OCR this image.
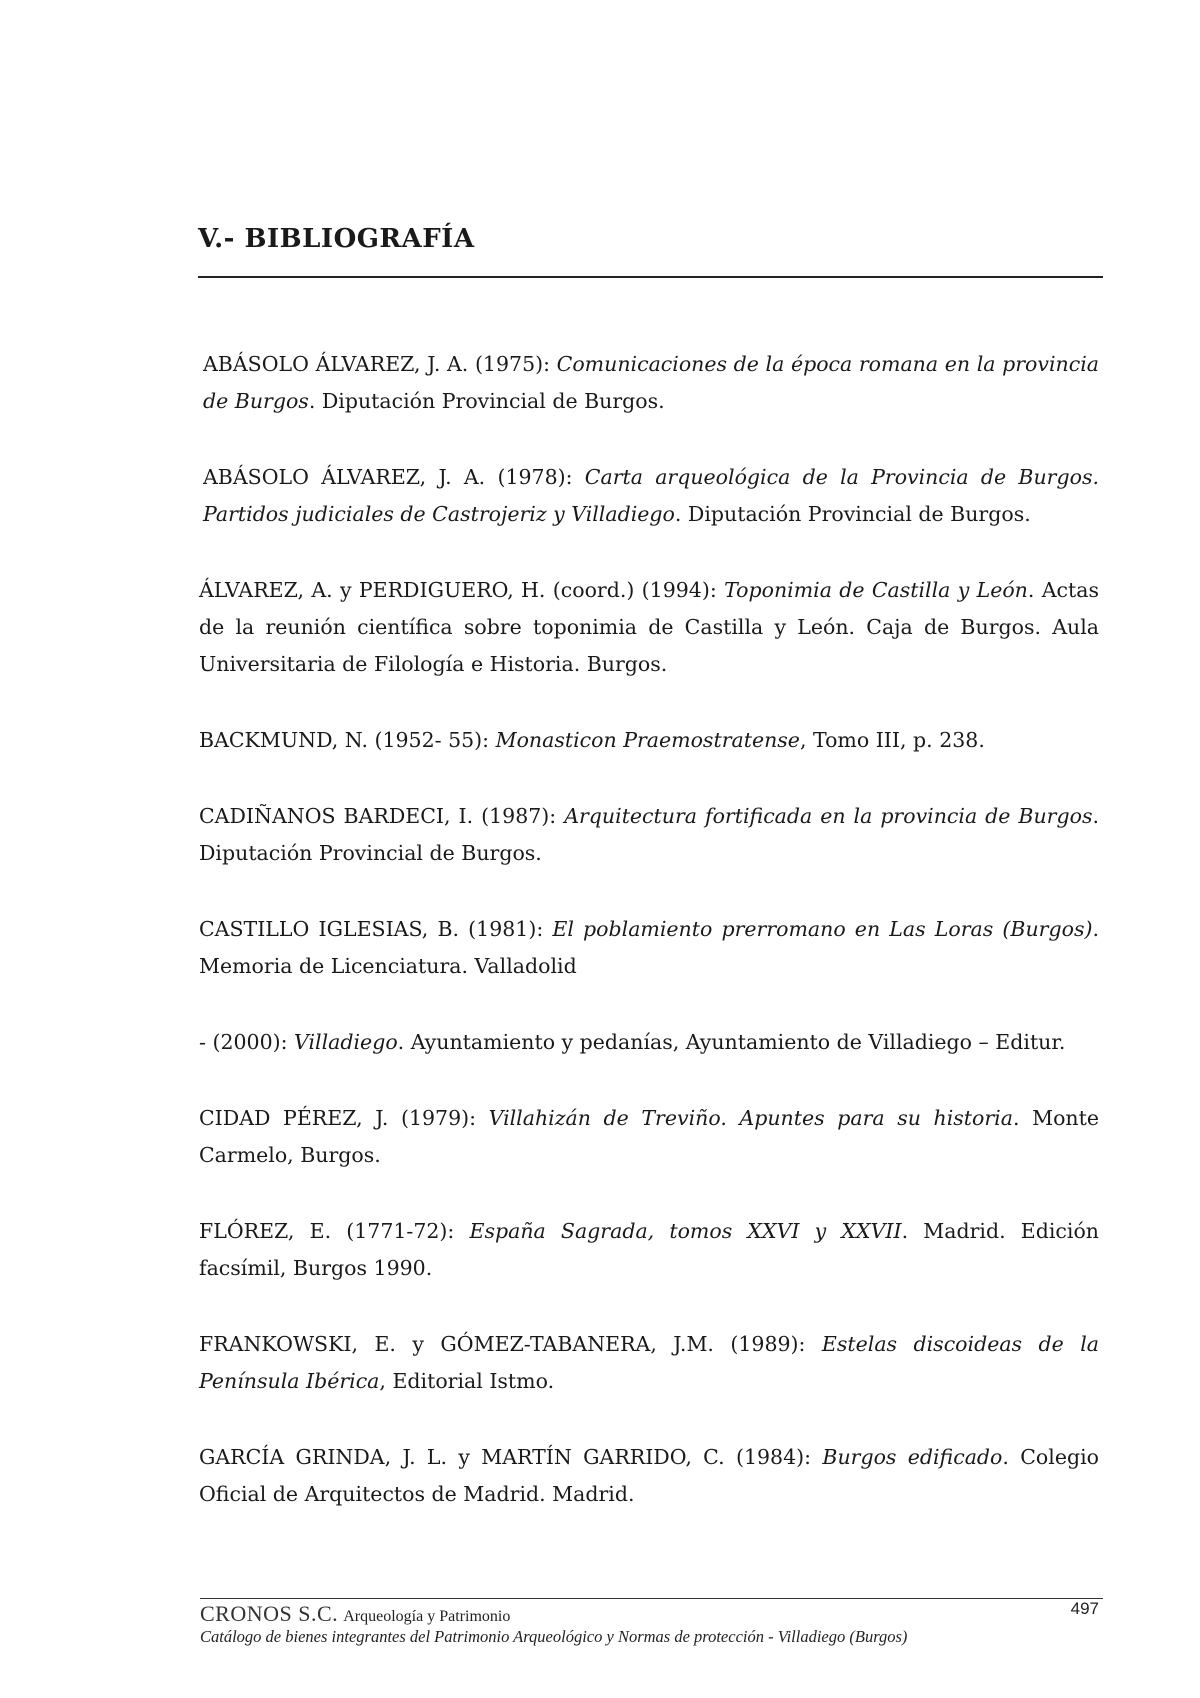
V.- BIBLIOGRAFÍA

ABÁSOLO ÁLVAREZ, J. A. (1975): Comunicaciones de la época romana en la provincia de Burgos. Diputación Provincial de Burgos.

ABÁSOLO ÁLVAREZ, J. A. (1978): Carta arqueológica de la Provincia de Burgos. Partidos judiciales de Castrojeriz y Villadiego. Diputación Provincial de Burgos.

ÁLVAREZ, A. y PERDIGUERO, H. (coord.) (1994): Toponimia de Castilla y León. Actas de la reunión científica sobre toponimia de Castilla y León. Caja de Burgos. Aula Universitaria de Filología e Historia. Burgos.

BACKMUND, N. (1952- 55): Monasticon Praemostratense, Tomo III, p. 238.

CADIÑANOS BARDECI, I. (1987): Arquitectura fortificada en la provincia de Burgos. Diputación Provincial de Burgos.

CASTILLO IGLESIAS, B. (1981): El poblamiento prerromano en Las Loras (Burgos). Memoria de Licenciatura. Valladolid

- (2000): Villadiego. Ayuntamiento y pedanías, Ayuntamiento de Villadiego – Editur.

CIDAD PÉREZ, J. (1979): Villahizán de Treviño. Apuntes para su historia. Monte Carmelo, Burgos.

FLÓREZ, E. (1771-72): España Sagrada, tomos XXVI y XXVII. Madrid. Edición facsímil, Burgos 1990.

FRANKOWSKI, E. y GÓMEZ-TABANERA, J.M. (1989): Estelas discoideas de la Península Ibérica, Editorial Istmo.

GARCÍA GRINDA, J. L. y MARTÍN GARRIDO, C. (1984): Burgos edificado. Colegio Oficial de Arquitectos de Madrid. Madrid.

CRONOS S.C. Arqueología y Patrimonio	497
Catálogo de bienes integrantes del Patrimonio Arqueológico y Normas de protección - Villadiego (Burgos)
